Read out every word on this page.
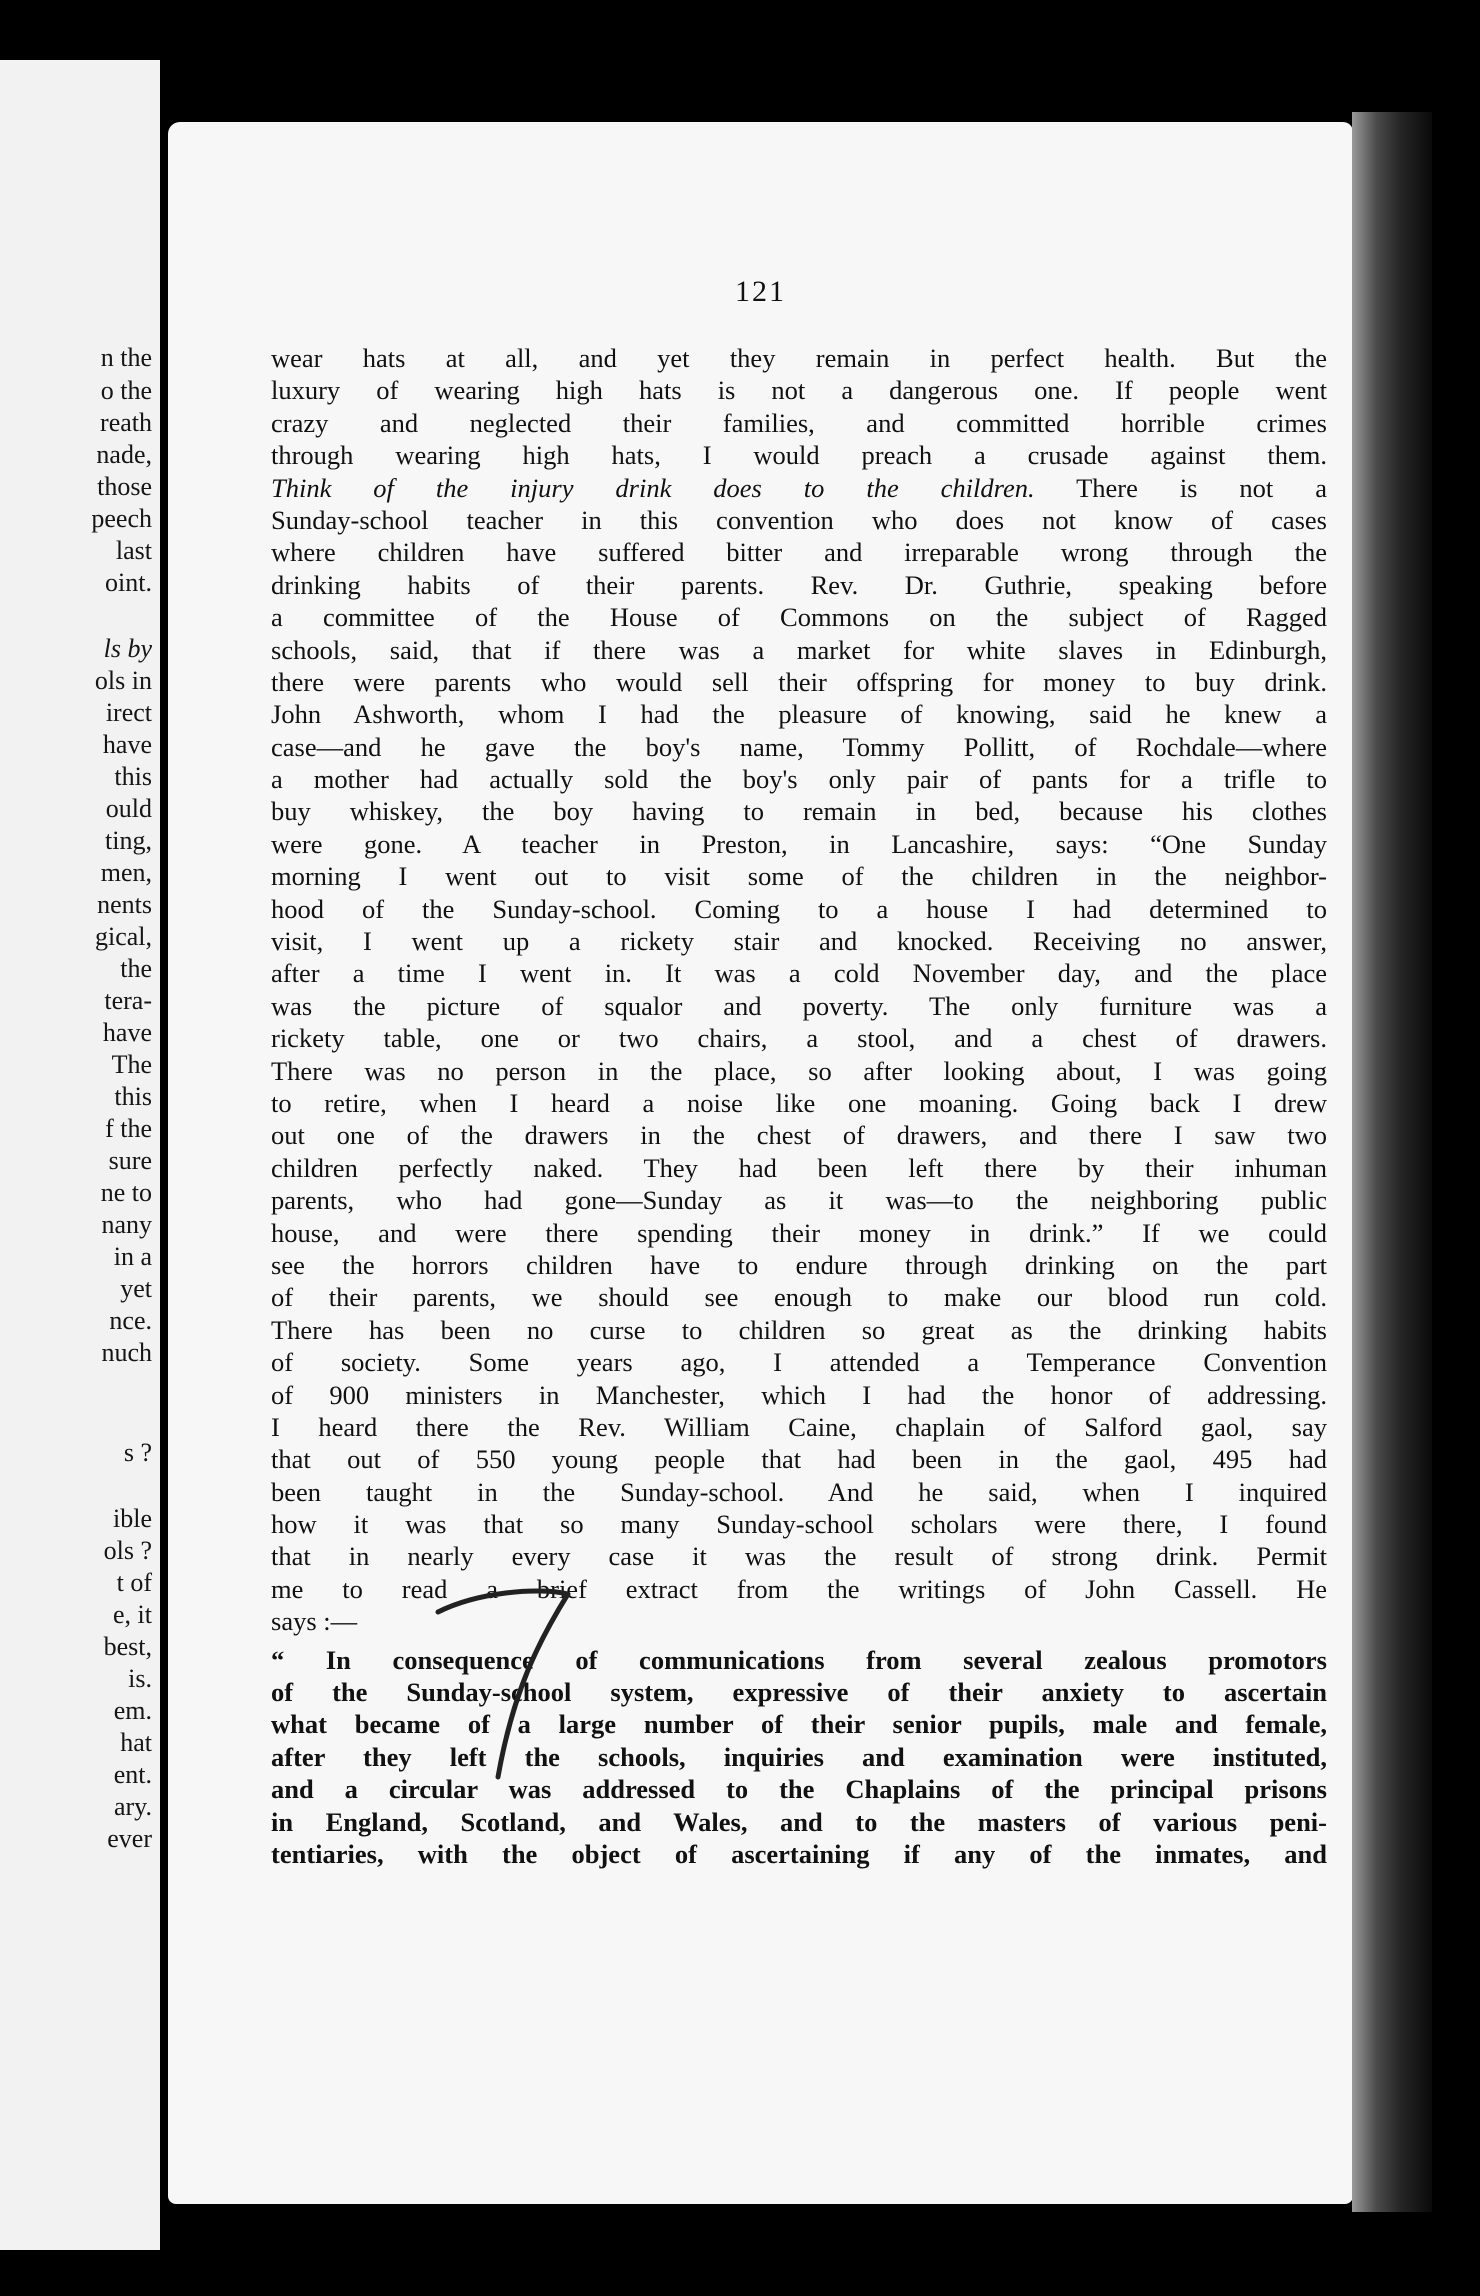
n the
o the
reath
nade,
those
peech
last
oint.
ls by
ols in
irect
have
this
ould
ting,
men,
nents
gical,
the
tera-
have
The
this
f the
sure
ne to
nany
in a
yet
nce.
nuch
s ?
ible
ols ?
t of
e, it
best,
is.
em.
hat
ent.
ary.
ever
121
wear hats at all, and yet they remain in perfect health. But the
luxury of wearing high hats is not a dangerous one. If people went
crazy and neglected their families, and committed horrible crimes
through wearing high hats, I would preach a crusade against them.
Think of the injury drink does to the children. There is not a
Sunday-school teacher in this convention who does not know of cases
where children have suffered bitter and irreparable wrong through the
drinking habits of their parents. Rev. Dr. Guthrie, speaking before
a committee of the House of Commons on the subject of Ragged
schools, said, that if there was a market for white slaves in Edinburgh,
there were parents who would sell their offspring for money to buy drink.
John Ashworth, whom I had the pleasure of knowing, said he knew a
case—and he gave the boy's name, Tommy Pollitt, of Rochdale—where
a mother had actually sold the boy's only pair of pants for a trifle to
buy whiskey, the boy having to remain in bed, because his clothes
were gone. A teacher in Preston, in Lancashire, says: “One Sunday
morning I went out to visit some of the children in the neighbor-
hood of the Sunday-school. Coming to a house I had determined to
visit, I went up a rickety stair and knocked. Receiving no answer,
after a time I went in. It was a cold November day, and the place
was the picture of squalor and poverty. The only furniture was a
rickety table, one or two chairs, a stool, and a chest of drawers.
There was no person in the place, so after looking about, I was going
to retire, when I heard a noise like one moaning. Going back I drew
out one of the drawers in the chest of drawers, and there I saw two
children perfectly naked. They had been left there by their inhuman
parents, who had gone—Sunday as it was—to the neighboring public
house, and were there spending their money in drink.” If we could
see the horrors children have to endure through drinking on the part
of their parents, we should see enough to make our blood run cold.
There has been no curse to children so great as the drinking habits
of society. Some years ago, I attended a Temperance Convention
of 900 ministers in Manchester, which I had the honor of addressing.
I heard there the Rev. William Caine, chaplain of Salford gaol, say
that out of 550 young people that had been in the gaol, 495 had
been taught in the Sunday-school. And he said, when I inquired
how it was that so many Sunday-school scholars were there, I found
that in nearly every case it was the result of strong drink. Permit
me to read a brief extract from the writings of John Cassell. He
says :—
“ In consequence of communications from several zealous promotors
of the Sunday-school system, expressive of their anxiety to ascertain
what became of a large number of their senior pupils, male and female,
after they left the schools, inquiries and examination were instituted,
and a circular was addressed to the Chaplains of the principal prisons
in England, Scotland, and Wales, and to the masters of various peni-
tentiaries, with the object of ascertaining if any of the inmates, and
